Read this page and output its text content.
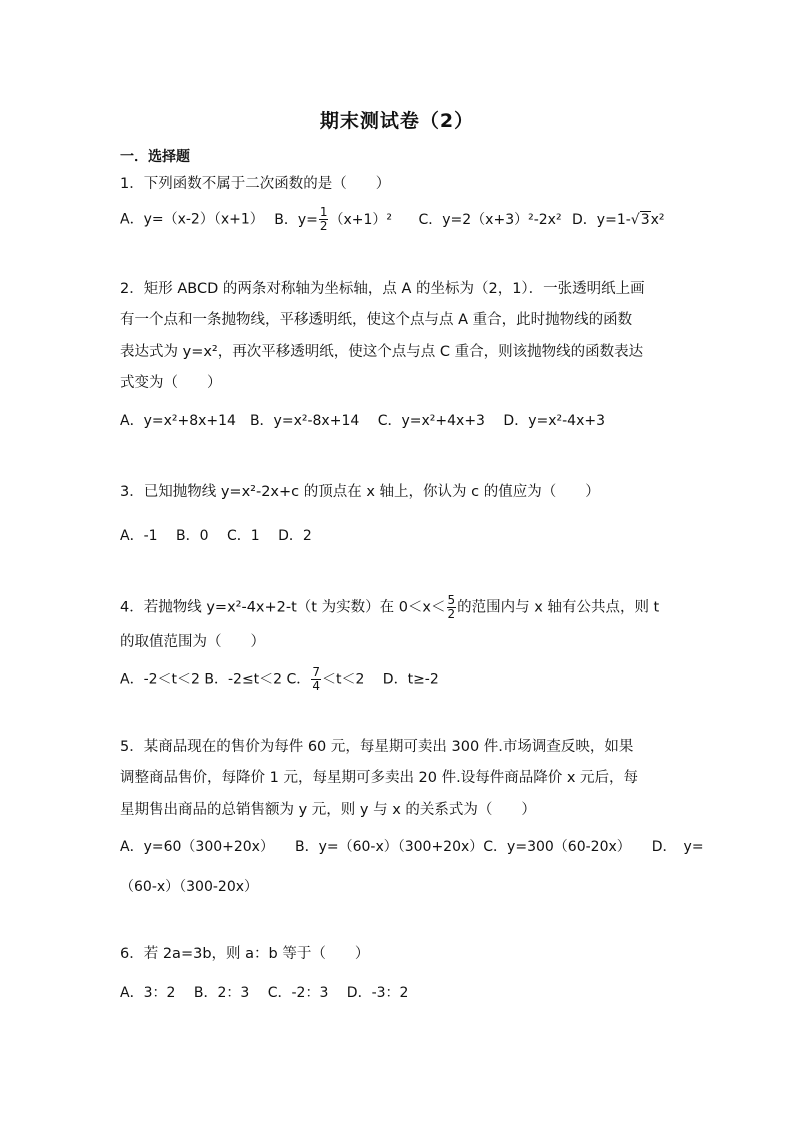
期末测试卷（2）
一．选择题
1．下列函数不属于二次函数的是（　　）
A．y=（x-2）（x+1） B．$y= \frac{1}{2} (x+1)^2$ C．y=2（x+3）²-2x² D．y=1-√3x²
2．矩形 ABCD 的两条对称轴为坐标轴，点 A 的坐标为（2，1）．一张透明纸上画
有一个点和一条抛物线，平移透明纸，使这个点与点 A 重合，此时抛物线的函数
表达式为 y=x²，再次平移透明纸，使这个点与点 C 重合，则该抛物线的函数表达
式变为（　　）
A．y=x²+8x+14　B．y=x²-8x+14　 C．y=x²+4x+3　 D．y=x²-4x+3
3．已知抛物线 y=x²-2x+c 的顶点在 x 轴上，你认为 c 的值应为（　　）
A．-1　 B．0　 C．1　 D．2
4．若抛物线 y=x²-4x+2-t（t 为实数）在 $0<x< \frac{5}{2}$ 的范围内与 x 轴有公共点，则 t
的取值范围为（　　）
A．-2＜t＜2 B．-2≤t＜2 C． $\frac{7}{4} <t<2$　 D．t≥-2
5．某商品现在的售价为每件 60 元，每星期可卖出 300 件.市场调查反映，如果
调整商品售价，每降价 1 元，每星期可多卖出 20 件.设每件商品降价 x 元后，每
星期售出商品的总销售额为 y 元，则 y 与 x 的关系式为（　　）
A．y=60（300+20x）　　B．y=（60-x）（300+20x）C．y=300（60-20x）　　D．　y=
（60-x）（300-20x）
6．若 2a=3b，则 a：b 等于（　　）
A．3：2　 B．2：3　 C．-2：3　 D．-3：2
